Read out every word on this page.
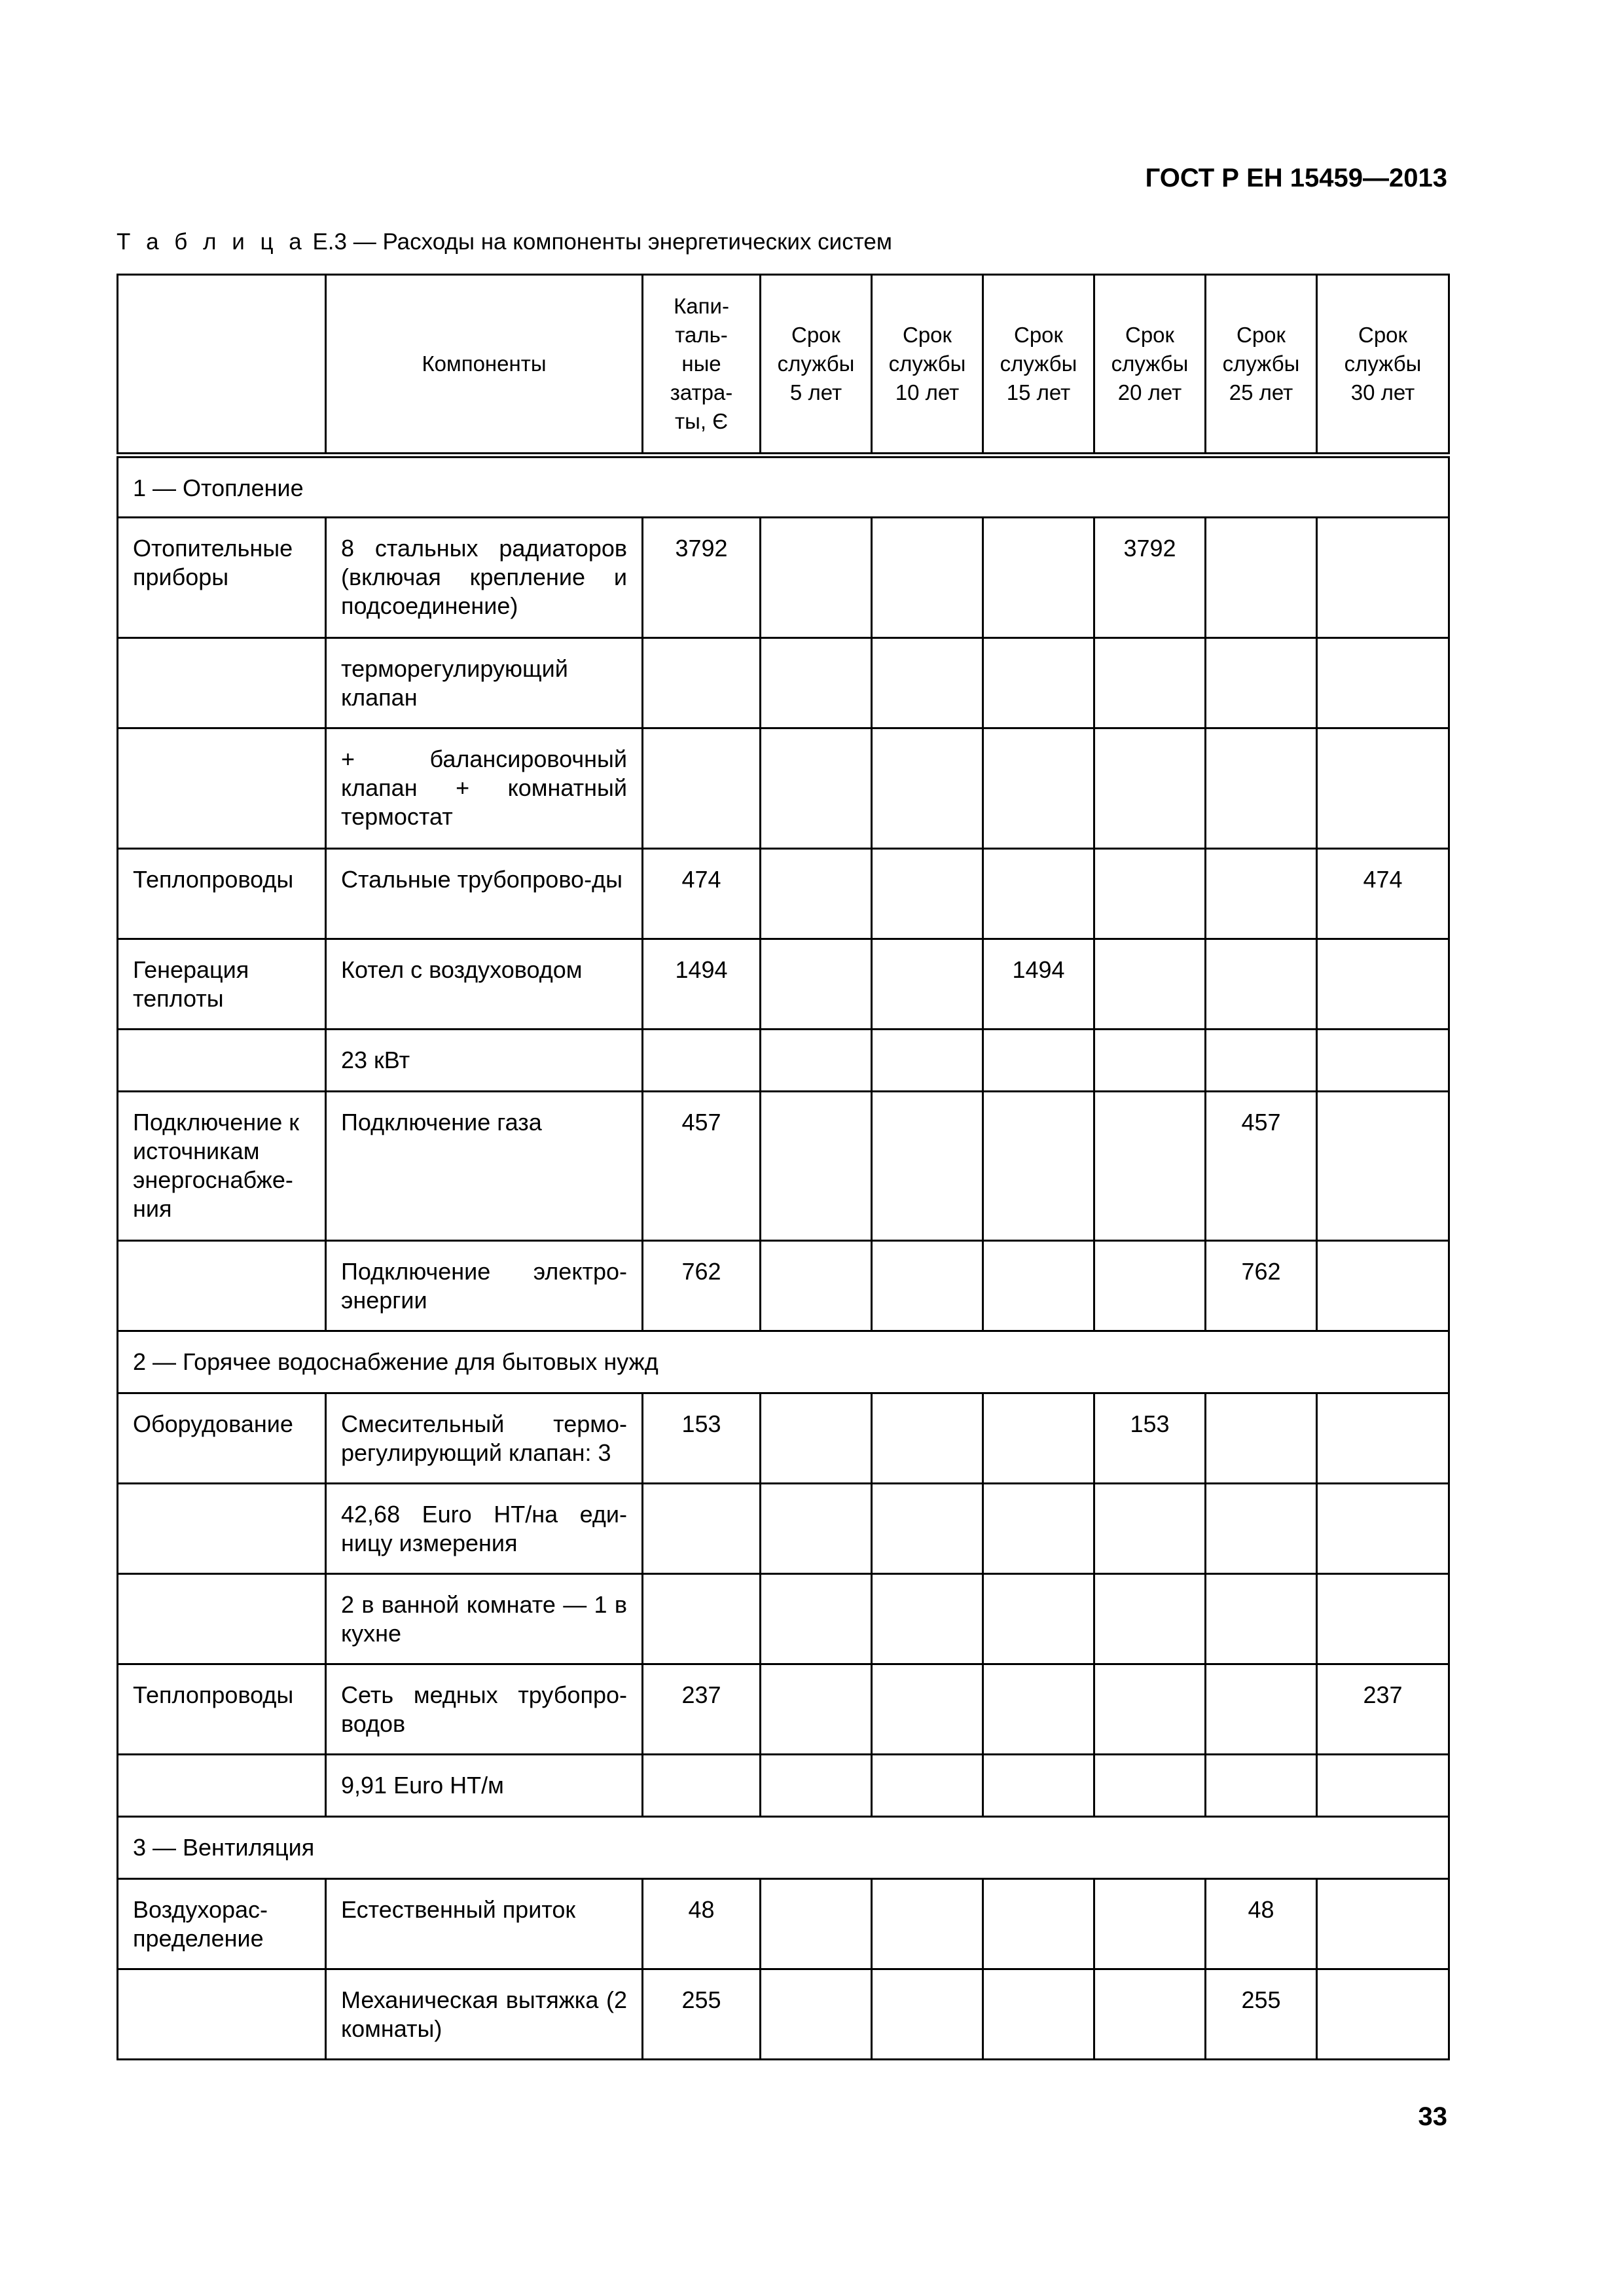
ГОСТ Р ЕН 15459—2013
Т а б л и ц а Е.3 — Расходы на компоненты энергетических систем
	Компоненты	Капи-
таль-
ные
затра-
ты, Є	Срок
службы
5 лет	Срок
службы
10 лет	Срок
службы
15 лет	Срок
службы
20 лет	Срок
службы
25 лет	Срок
службы
30 лет
1 — Отопление								
Отопительные приборы	8 стальных радиаторов (включая крепление и подсоединение)	3792				3792		
	терморегулирующий клапан							
	+ балансировочный клапан + комнатный термостат							
Теплопроводы	Стальные трубопрово-ды	474						474
Генерация теплоты	Котел с воздуховодом	1494			1494			
	23 кВт							
Подключение к источникам энергоснабже-ния	Подключение газа	457					457	
	Подключение электро-энергии	762					762	
2 — Горячее водоснабжение для бытовых нужд								
Оборудование	Смесительный термо-регулирующий клапан: 3	153				153		
	42,68 Euro HT/на еди-ницу измерения							
	2 в ванной комнате — 1 в кухне							
Теплопроводы	Сеть медных трубопро-водов	237						237
	9,91 Euro HT/м							
3 — Вентиляция								
Воздухорас-пределение	Естественный приток	48					48	
	Механическая вытяжка (2 комнаты)	255					255	
33
